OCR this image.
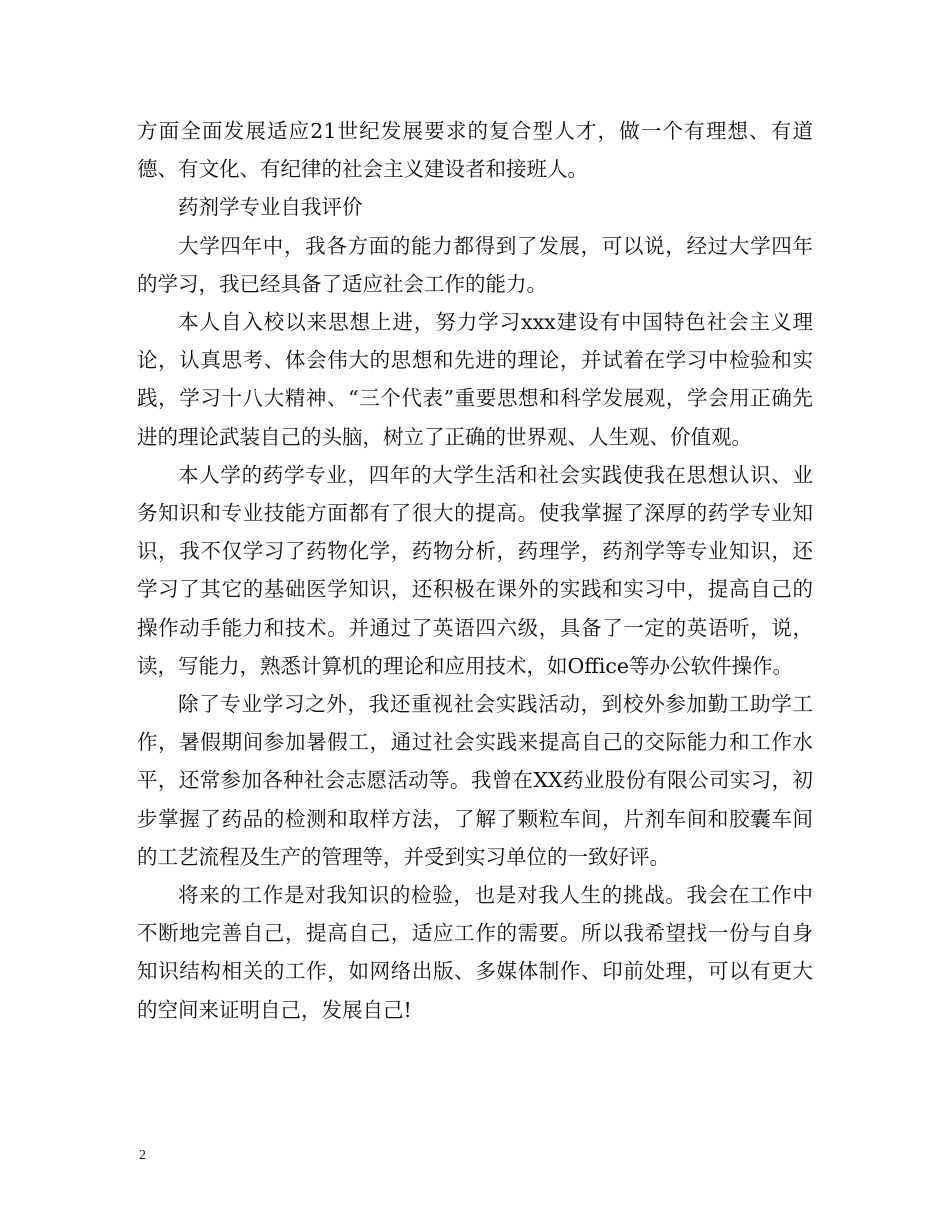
方面全面发展适应21世纪发展要求的复合型人才，做一个有理想、有道德、有文化、有纪律的社会主义建设者和接班人。

药剂学专业自我评价

大学四年中，我各方面的能力都得到了发展，可以说，经过大学四年的学习，我已经具备了适应社会工作的能力。

本人自入校以来思想上进，努力学习xxx建设有中国特色社会主义理论，认真思考、体会伟大的思想和先进的理论，并试着在学习中检验和实践，学习十八大精神、“三个代表”重要思想和科学发展观，学会用正确先进的理论武装自己的头脑，树立了正确的世界观、人生观、价值观。

本人学的药学专业，四年的大学生活和社会实践使我在思想认识、业务知识和专业技能方面都有了很大的提高。使我掌握了深厚的药学专业知识，我不仅学习了药物化学，药物分析，药理学，药剂学等专业知识，还学习了其它的基础医学知识，还积极在课外的实践和实习中，提高自己的操作动手能力和技术。并通过了英语四六级，具备了一定的英语听，说，读，写能力，熟悉计算机的理论和应用技术，如Office等办公软件操作。

除了专业学习之外，我还重视社会实践活动，到校外参加勤工助学工作，暑假期间参加暑假工，通过社会实践来提高自己的交际能力和工作水平，还常参加各种社会志愿活动等。我曾在XX药业股份有限公司实习，初步掌握了药品的检测和取样方法，了解了颗粒车间，片剂车间和胶囊车间的工艺流程及生产的管理等，并受到实习单位的一致好评。

将来的工作是对我知识的检验，也是对我人生的挑战。我会在工作中不断地完善自己，提高自己，适应工作的需要。所以我希望找一份与自身知识结构相关的工作，如网络出版、多媒体制作、印前处理，可以有更大的空间来证明自己，发展自己!

2
